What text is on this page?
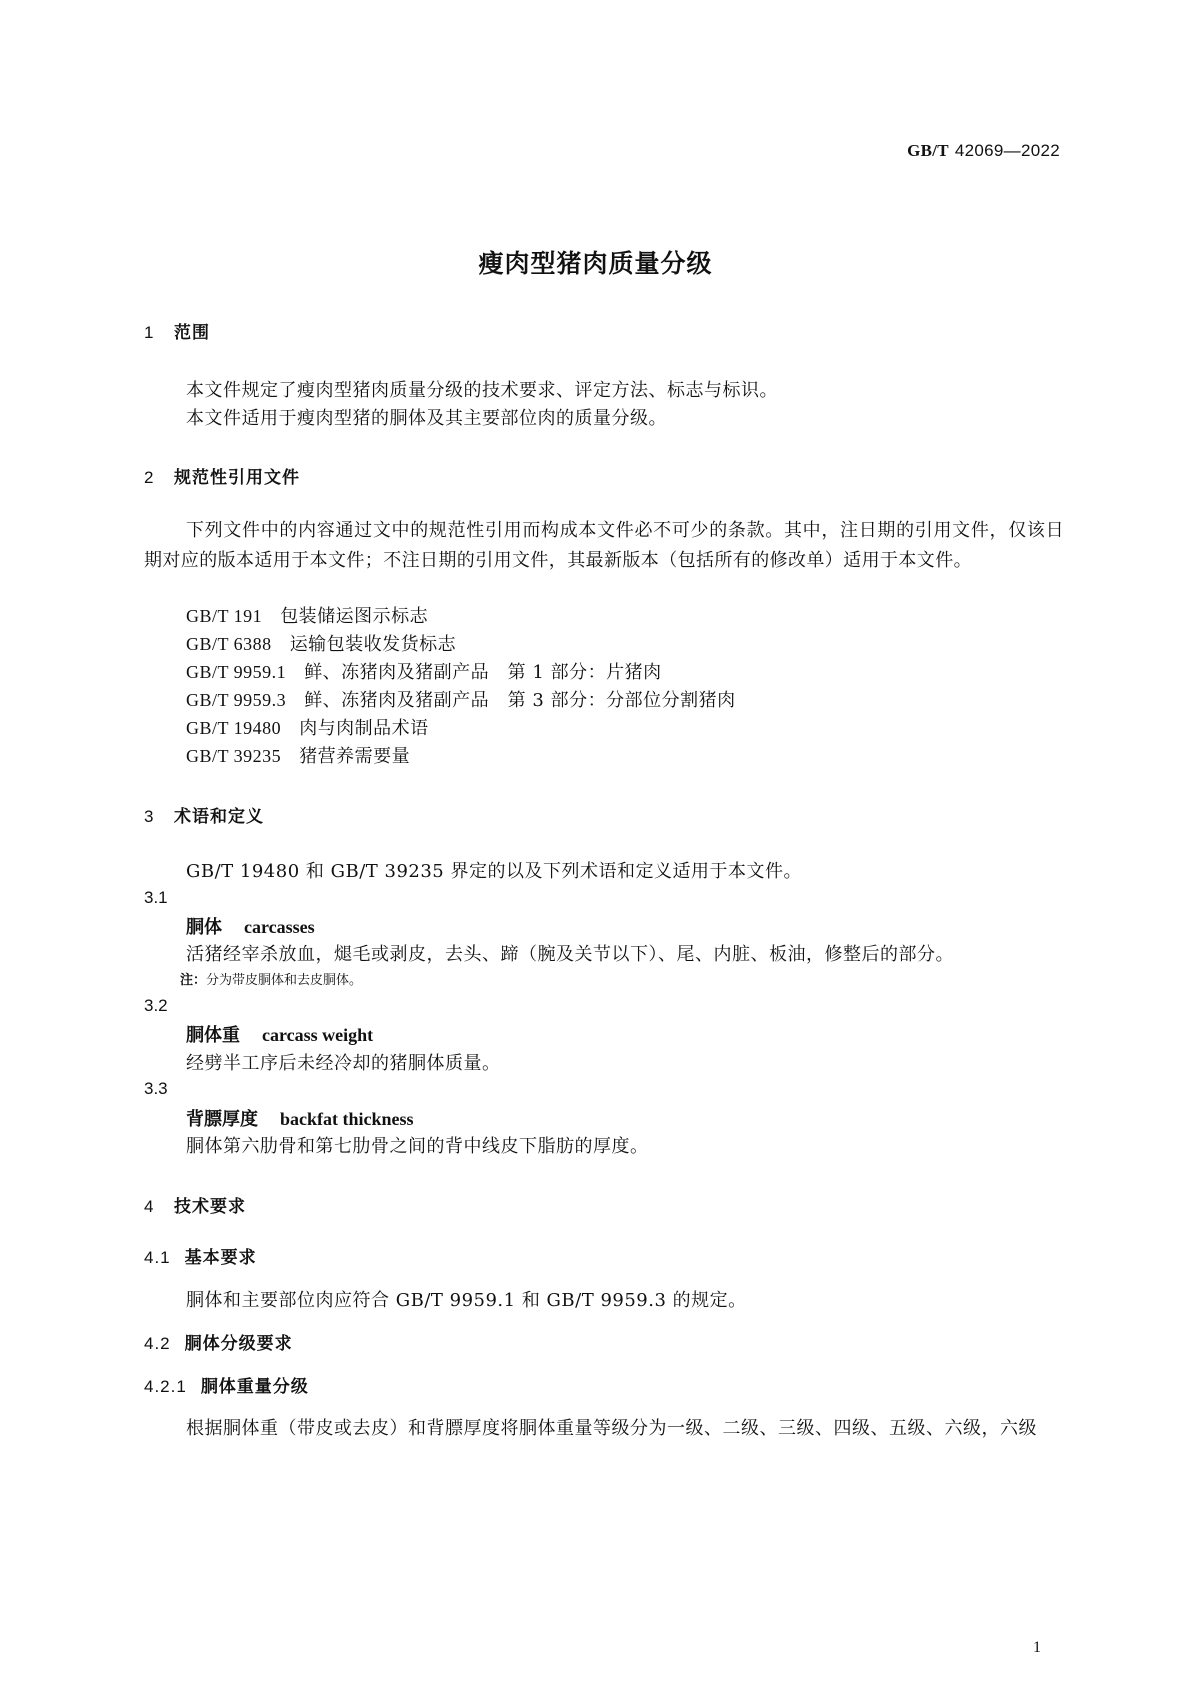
GB/T 42069—2022
瘦肉型猪肉质量分级
1 范围
本文件规定了瘦肉型猪肉质量分级的技术要求、评定方法、标志与标识。
本文件适用于瘦肉型猪的胴体及其主要部位肉的质量分级。
2 规范性引用文件
下列文件中的内容通过文中的规范性引用而构成本文件必不可少的条款。其中，注日期的引用文件，仅该日期对应的版本适用于本文件；不注日期的引用文件，其最新版本（包括所有的修改单）适用于本文件。
GB/T 191 包装储运图示标志
GB/T 6388 运输包装收发货标志
GB/T 9959.1 鲜、冻猪肉及猪副产品　第 1 部分：片猪肉
GB/T 9959.3 鲜、冻猪肉及猪副产品　第 3 部分：分部位分割猪肉
GB/T 19480 肉与肉制品术语
GB/T 39235 猪营养需要量
3 术语和定义
GB/T 19480 和 GB/T 39235 界定的以及下列术语和定义适用于本文件。
3.1
胴体 carcasses
活猪经宰杀放血，煺毛或剥皮，去头、蹄（腕及关节以下）、尾、内脏、板油，修整后的部分。
注：分为带皮胴体和去皮胴体。
3.2
胴体重 carcass weight
经劈半工序后未经冷却的猪胴体质量。
3.3
背膘厚度 backfat thickness
胴体第六肋骨和第七肋骨之间的背中线皮下脂肪的厚度。
4 技术要求
4.1 基本要求
胴体和主要部位肉应符合 GB/T 9959.1 和 GB/T 9959.3 的规定。
4.2 胴体分级要求
4.2.1 胴体重量分级
根据胴体重（带皮或去皮）和背膘厚度将胴体重量等级分为一级、二级、三级、四级、五级、六级，六级
1
